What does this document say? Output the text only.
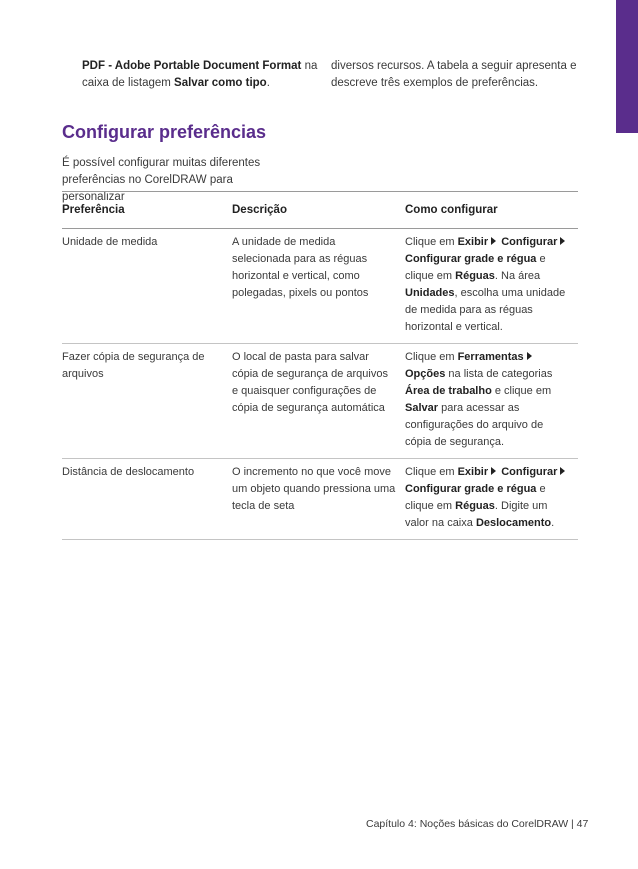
PDF - Adobe Portable Document Format na caixa de listagem Salvar como tipo.
diversos recursos. A tabela a seguir apresenta e descreve três exemplos de preferências.
Configurar preferências
É possível configurar muitas diferentes preferências no CorelDRAW para personalizar
Preferência	Descrição	Como configurar
Unidade de medida	A unidade de medida selecionada para as réguas horizontal e vertical, como polegadas, pixels ou pontos	Clique em Exibir Configurar Configurar grade e régua e clique em Réguas. Na área Unidades, escolha uma unidade de medida para as réguas horizontal e vertical.
Fazer cópia de segurança de arquivos	O local de pasta para salvar cópia de segurança de arquivos e quaisquer configurações de cópia de segurança automática	Clique em Ferramentas Opções na lista de categorias Área de trabalho e clique em Salvar para acessar as configurações do arquivo de cópia de segurança.
Distância de deslocamento	O incremento no que você move um objeto quando pressiona uma tecla de seta	Clique em Exibir Configurar Configurar grade e régua e clique em Réguas. Digite um valor na caixa Deslocamento.
Capítulo 4: Noções básicas do CorelDRAW | 47
